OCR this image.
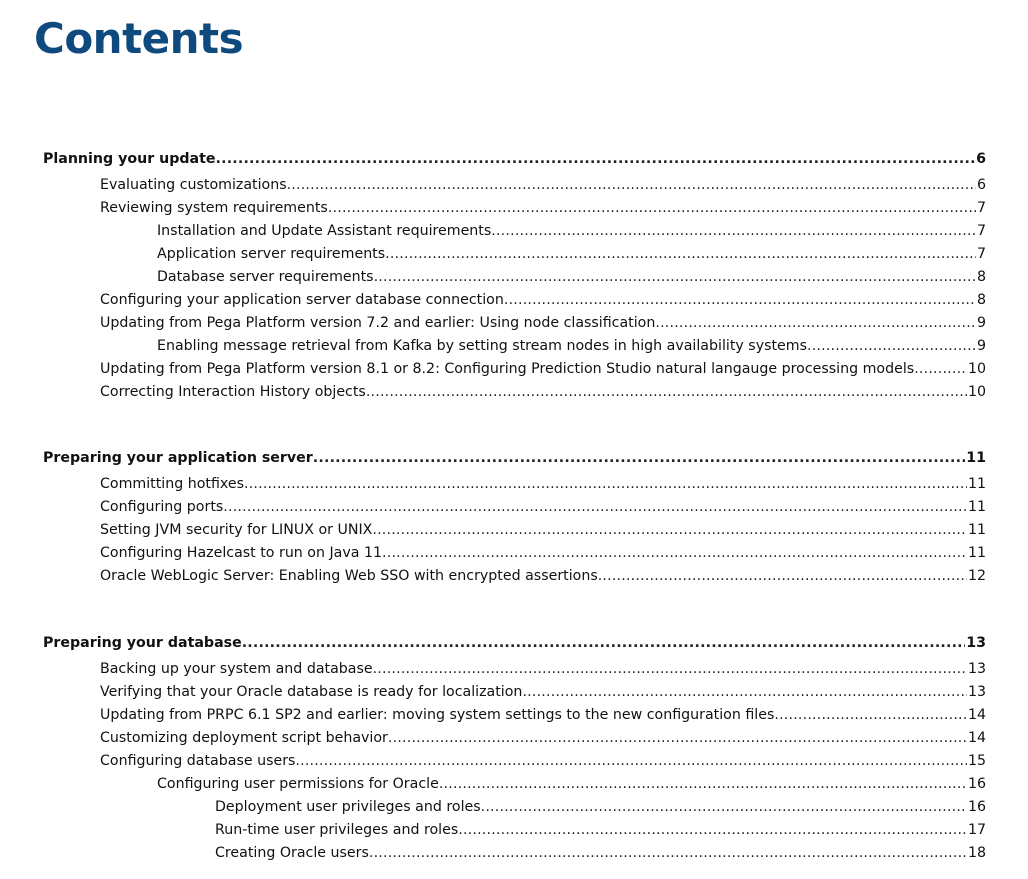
Contents
Planning your update .....	6
Evaluating customizations .....	6
Reviewing system requirements .....	7
Installation and Update Assistant requirements .....	7
Application server requirements .....	7
Database server requirements .....	8
Configuring your application server database connection .....	8
Updating from Pega Platform version 7.2 and earlier: Using node classification .....	9
Enabling message retrieval from Kafka by setting stream nodes in high availability systems .....	9
Updating from Pega Platform version 8.1 or 8.2: Configuring Prediction Studio natural langauge processing models .....	10
Correcting Interaction History objects .....	10
Preparing your application server .....	11
Committing hotfixes .....	11
Configuring ports .....	11
Setting JVM security for LINUX or UNIX .....	11
Configuring Hazelcast to run on Java 11 .....	11
Oracle WebLogic Server: Enabling Web SSO with encrypted assertions .....	12
Preparing your database .....	13
Backing up your system and database .....	13
Verifying that your Oracle database is ready for localization .....	13
Updating from PRPC 6.1 SP2 and earlier: moving system settings to the new configuration files .....	14
Customizing deployment script behavior .....	14
Configuring database users .....	15
Configuring user permissions for Oracle .....	16
Deployment user privileges and roles .....	16
Run-time user privileges and roles .....	17
Creating Oracle users .....	18
